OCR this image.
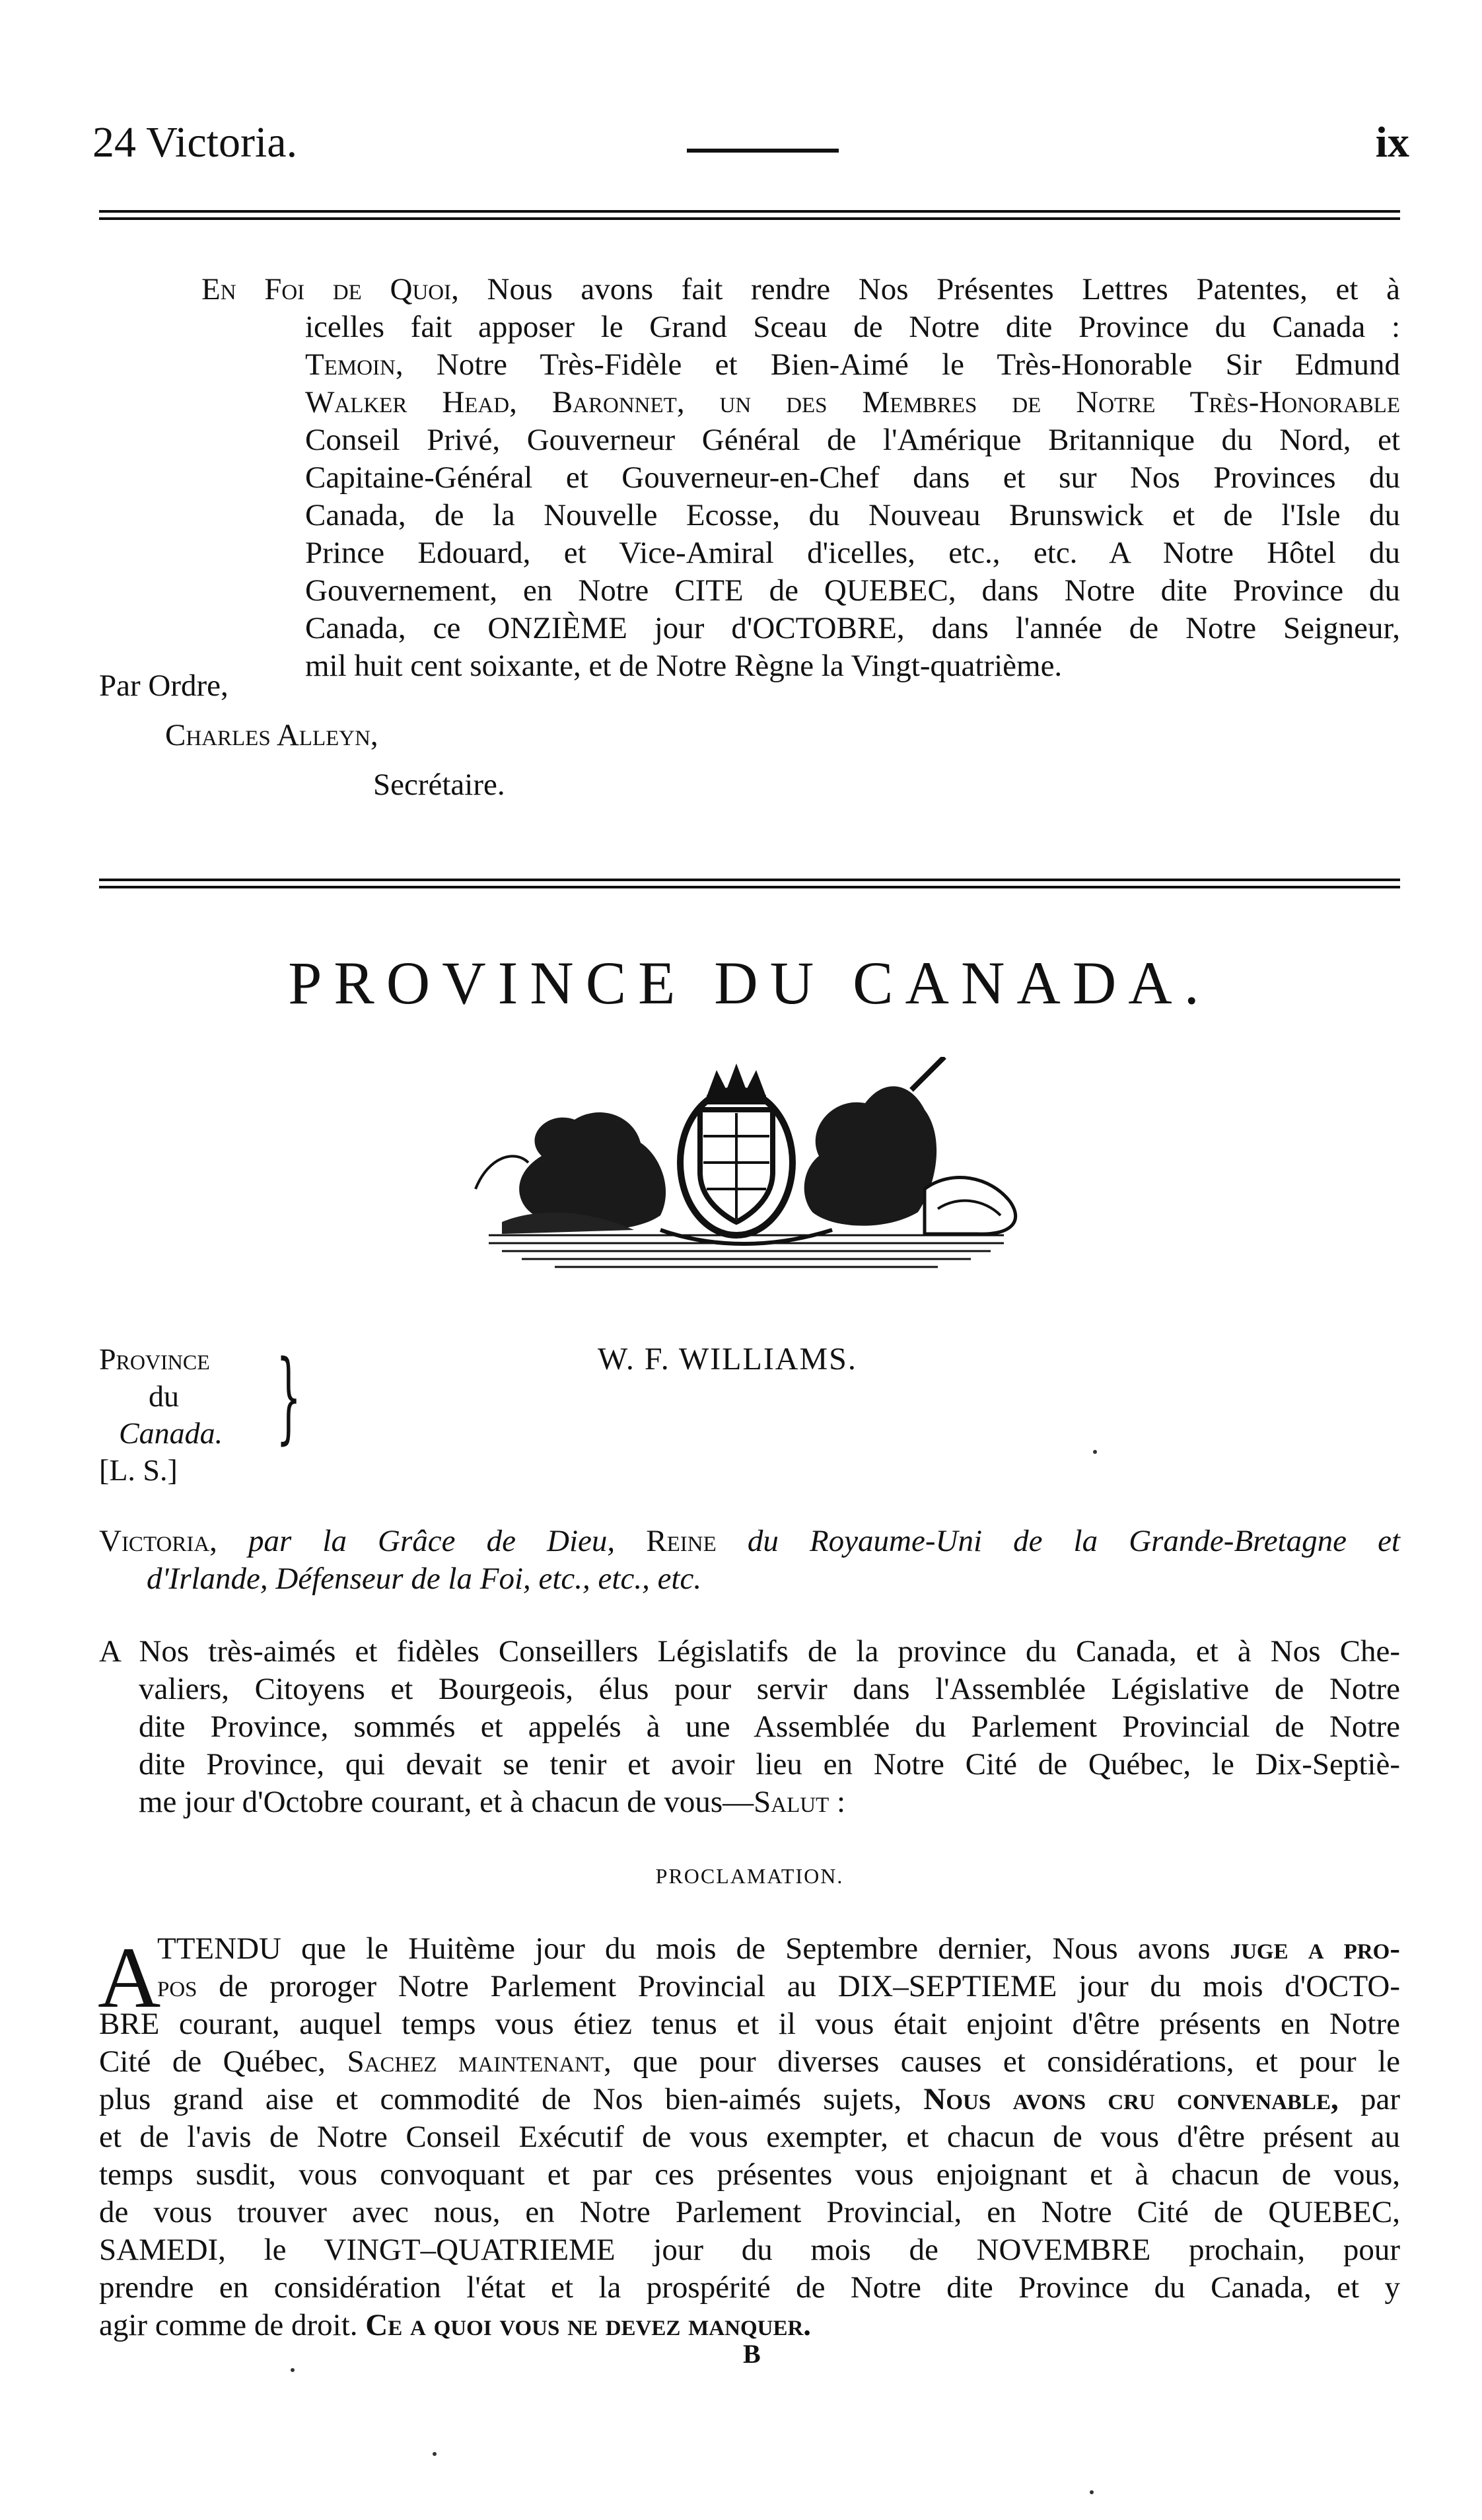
24 Victoria.	ix
En Foi de Quoi, Nous avons fait rendre Nos Présentes Lettres Patentes, et à
icelles fait apposer le Grand Sceau de Notre dite Province du Canada :
Temoin, Notre Très-Fidèle et Bien-Aimé le Très-Honorable Sir Edmund
Walker Head, Baronnet, un des Membres de Notre Très-Honorable
Conseil Privé, Gouverneur Général de l'Amérique Britannique du Nord, et
Capitaine-Général et Gouverneur-en-Chef dans et sur Nos Provinces du
Canada, de la Nouvelle Ecosse, du Nouveau Brunswick et de l'Isle du
Prince Edouard, et Vice-Amiral d'icelles, etc., etc. A Notre Hôtel du
Gouvernement, en Notre CITE de QUEBEC, dans Notre dite Province du
Canada, ce ONZIÈME jour d'OCTOBRE, dans l'année de Notre Seigneur,
mil huit cent soixante, et de Notre Règne la Vingt-quatrième.
Par Ordre,
Charles Alleyn,
Secrétaire.
PROVINCE DU CANADA.
Province
du
Canada.
[L. S.]
}	W. F. WILLIAMS.
Victoria, par la Grâce de Dieu, Reine du Royaume-Uni de la Grande-Bretagne et
d'Irlande, Défenseur de la Foi, etc., etc., etc.
A Nos très-aimés et fidèles Conseillers Législatifs de la province du Canada, et à Nos Che-
valiers, Citoyens et Bourgeois, élus pour servir dans l'Assemblée Législative de Notre
dite Province, sommés et appelés à une Assemblée du Parlement Provincial de Notre
dite Province, qui devait se tenir et avoir lieu en Notre Cité de Québec, le Dix-Septiè-
me jour d'Octobre courant, et à chacun de vous—Salut :
PROCLAMATION.
A
TTENDU que le Huitème jour du mois de Septembre dernier, Nous avons juge a pro-
pos de proroger Notre Parlement Provincial au DIX–SEPTIEME jour du mois d'OCTO-
BRE courant, auquel temps vous étiez tenus et il vous était enjoint d'être présents en Notre
Cité de Québec, Sachez maintenant, que pour diverses causes et considérations, et pour le
plus grand aise et commodité de Nos bien-aimés sujets, Nous avons cru convenable, par
et de l'avis de Notre Conseil Exécutif de vous exempter, et chacun de vous d'être présent au
temps susdit, vous convoquant et par ces présentes vous enjoignant et à chacun de vous,
de vous trouver avec nous, en Notre Parlement Provincial, en Notre Cité de QUEBEC,
SAMEDI, le VINGT–QUATRIEME jour du mois de NOVEMBRE prochain, pour
prendre en considération l'état et la prospérité de Notre dite Province du Canada, et y
agir comme de droit. Ce a quoi vous ne devez manquer.
B
